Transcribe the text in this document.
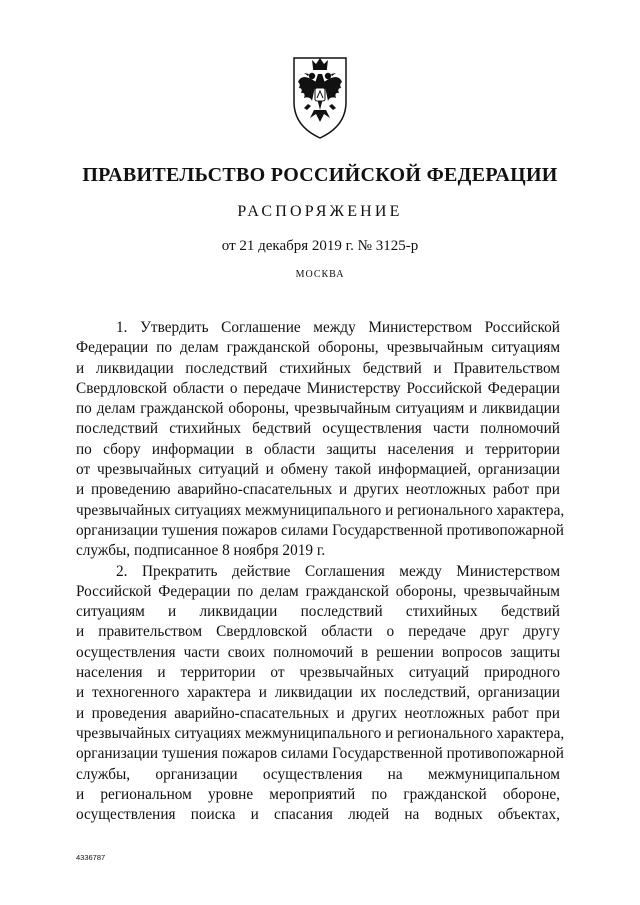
ПРАВИТЕЛЬСТВО РОССИЙСКОЙ ФЕДЕРАЦИИ
РАСПОРЯЖЕНИЕ
от 21 декабря 2019 г. № 3125-р
МОСКВА
1. Утвердить Соглашение между Министерством Российской
Федерации по делам гражданской обороны, чрезвычайным ситуациям
и ликвидации последствий стихийных бедствий и Правительством
Свердловской области о передаче Министерству Российской Федерации
по делам гражданской обороны, чрезвычайным ситуациям и ликвидации
последствий стихийных бедствий осуществления части полномочий
по сбору информации в области защиты населения и территории
от чрезвычайных ситуаций и обмену такой информацией, организации
и проведению аварийно-спасательных и других неотложных работ при
чрезвычайных ситуациях межмуниципального и регионального характера,
организации тушения пожаров силами Государственной противопожарной
службы, подписанное 8 ноября 2019 г.
2. Прекратить действие Соглашения между Министерством
Российской Федерации по делам гражданской обороны, чрезвычайным
ситуациям и ликвидации последствий стихийных бедствий
и правительством Свердловской области о передаче друг другу
осуществления части своих полномочий в решении вопросов защиты
населения и территории от чрезвычайных ситуаций природного
и техногенного характера и ликвидации их последствий, организации
и проведения аварийно-спасательных и других неотложных работ при
чрезвычайных ситуациях межмуниципального и регионального характера,
организации тушения пожаров силами Государственной противопожарной
службы, организации осуществления на межмуниципальном
и региональном уровне мероприятий по гражданской обороне,
осуществления поиска и спасания людей на водных объектах,
4336787
